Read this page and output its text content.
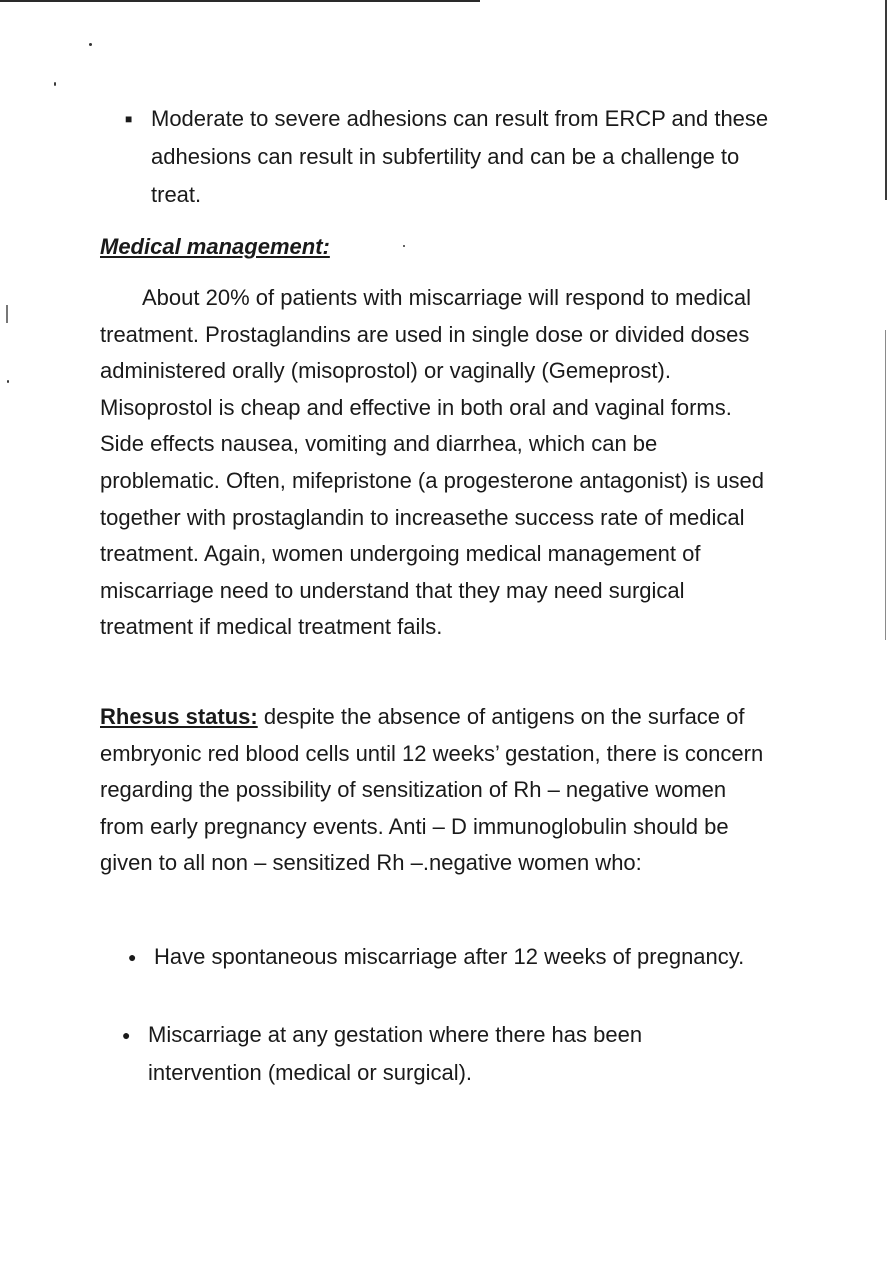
■ Moderate to severe adhesions can result from ERCP and these adhesions can result in subfertility and can be a challenge to treat.
Medical management:
About 20% of patients with miscarriage will respond to medical treatment. Prostaglandins are used in single dose or divided doses administered orally (misoprostol) or vaginally (Gemeprost). Misoprostol is cheap and effective in both oral and vaginal forms. Side effects nausea, vomiting and diarrhea, which can be problematic. Often, mifepristone (a progesterone antagonist) is used together with prostaglandin to increasethe success rate of medical treatment. Again, women undergoing medical management of miscarriage need to understand that they may need surgical treatment if medical treatment fails.
Rhesus status: despite the absence of antigens on the surface of embryonic red blood cells until 12 weeks’ gestation, there is concern regarding the possibility of sensitization of Rh – negative women from early pregnancy events. Anti – D immunoglobulin should be given to all non – sensitized Rh –.negative women who:
● Have spontaneous miscarriage after 12 weeks of pregnancy.
● Miscarriage at any gestation where there has been intervention (medical or surgical).
